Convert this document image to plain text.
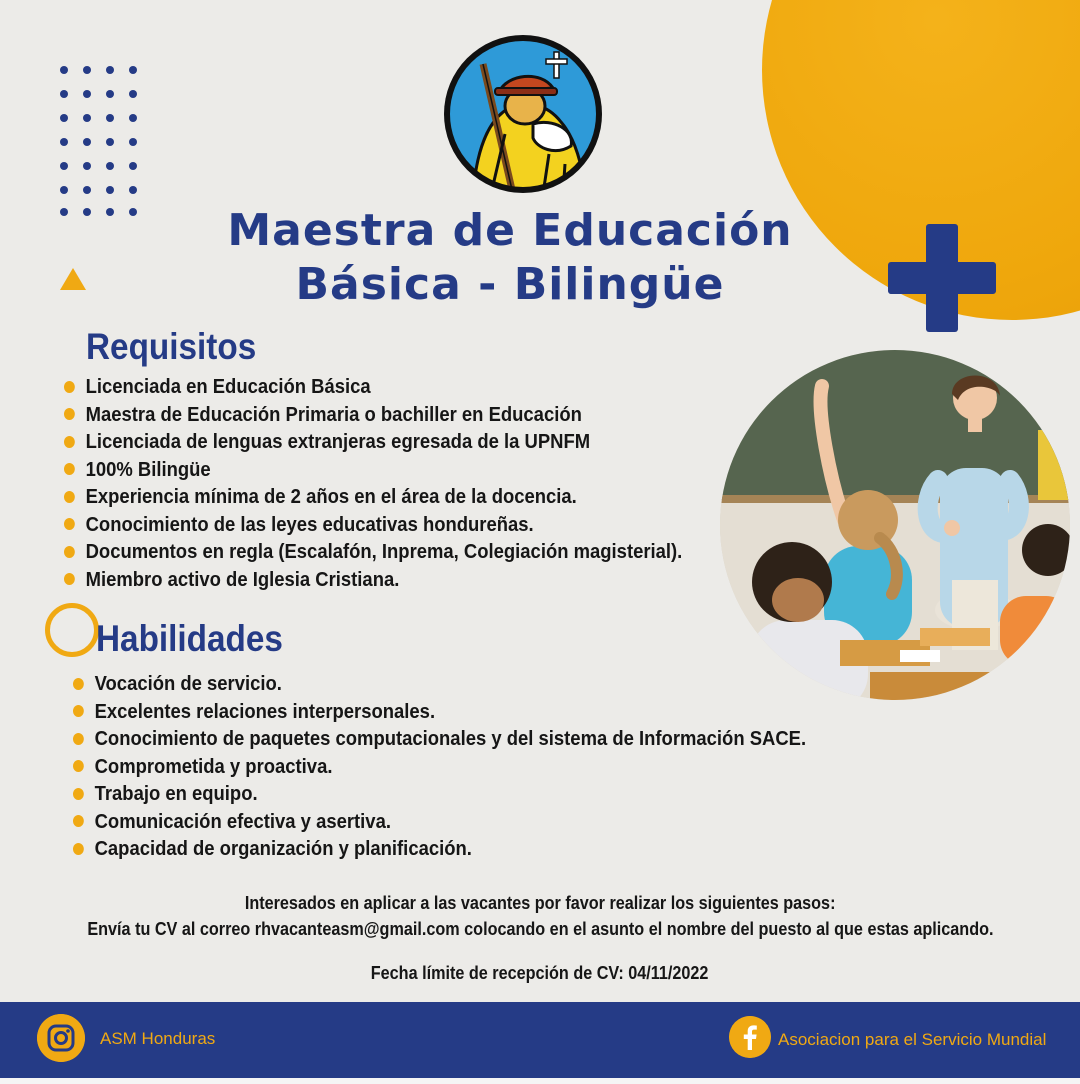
Maestra de Educación
Básica - Bilingüe
Requisitos
Licenciada en Educación Básica
Maestra de Educación Primaria o bachiller en Educación
Licenciada de lenguas extranjeras egresada de la UPNFM
100% Bilingüe
Experiencia mínima de 2 años en el área de la docencia.
Conocimiento de las leyes educativas hondureñas.
Documentos en regla (Escalafón, Inprema, Colegiación magisterial).
Miembro activo de Iglesia Cristiana.
Habilidades
Vocación de servicio.
Excelentes relaciones interpersonales.
Conocimiento de paquetes computacionales y del sistema de Información SACE.
Comprometida y proactiva.
Trabajo en equipo.
Comunicación efectiva y asertiva.
Capacidad de organización y planificación.
Interesados en aplicar a las vacantes por favor realizar los siguientes pasos:
Envía tu CV al correo rhvacanteasm@gmail.com colocando en el asunto el nombre del puesto al que estas aplicando.
Fecha límite de recepción de CV: 04/11/2022
ASM Honduras	Asociacion para el Servicio Mundial
